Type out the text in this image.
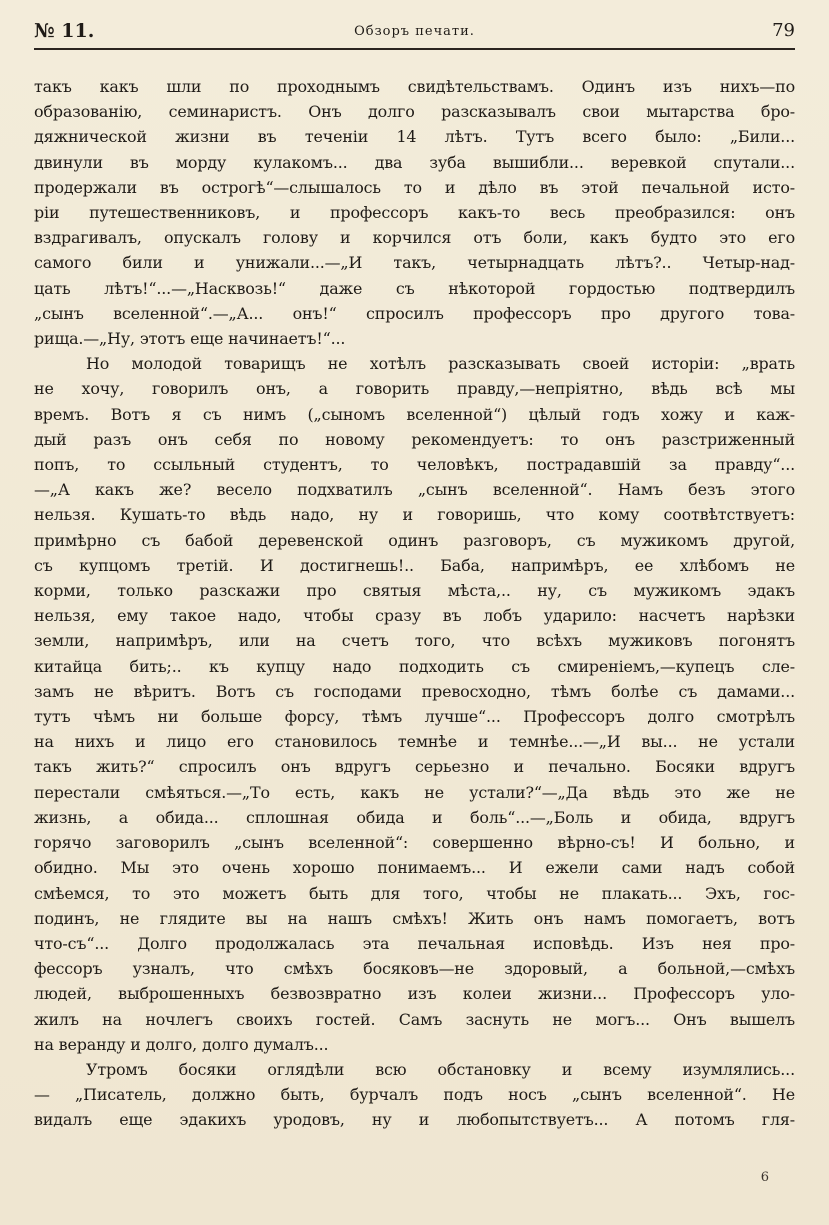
№ 11.	Обзоръ печати.	79
такъ какъ шли по проходнымъ свидѣтельствамъ. Одинъ изъ нихъ—по
образованію, семинаристъ. Онъ долго разсказывалъ свои мытарства бро-
дяжнической жизни въ теченіи 14 лѣтъ. Тутъ всего было: „Били...
двинули въ морду кулакомъ... два зуба вышибли... веревкой спутали...
продержали въ острогѣ“—слышалось то и дѣло въ этой печальной исто-
ріи путешественниковъ, и профессоръ какъ-то весь преобразился: онъ
вздрагивалъ, опускалъ голову и корчился отъ боли, какъ будто это его
самого били и унижали...—„И такъ, четырнадцать лѣтъ?.. Четыр-над-
цать лѣтъ!“...—„Насквозь!“ даже съ нѣкоторой гордостью подтвердилъ
„сынъ вселенной“.—„А... онъ!“ спросилъ профессоръ про другого това-
рища.—„Ну, этотъ еще начинаетъ!“...
Но молодой товарищъ не хотѣлъ разсказывать своей исторіи: „врать
не хочу, говорилъ онъ, а говорить правду,—непріятно, вѣдь всѣ мы
времъ. Вотъ я съ нимъ („сыномъ вселенной“) цѣлый годъ хожу и каж-
дый разъ онъ себя по новому рекомендуетъ: то онъ разстриженный
попъ, то ссыльный студентъ, то человѣкъ, пострадавшій за правду“...
—„А какъ же? весело подхватилъ „сынъ вселенной“. Намъ безъ этого
нельзя. Кушать-то вѣдь надо, ну и говоришь, что кому соотвѣтствуетъ:
примѣрно съ бабой деревенской одинъ разговоръ, съ мужикомъ другой,
съ купцомъ третій. И достигнешь!.. Баба, напримѣръ, ее хлѣбомъ не
корми, только разскажи про святыя мѣста,.. ну, съ мужикомъ эдакъ
нельзя, ему такое надо, чтобы сразу въ лобъ ударило: насчетъ нарѣзки
земли, напримѣръ, или на счетъ того, что всѣхъ мужиковъ погонятъ
китайца бить;.. къ купцу надо подходить съ смиреніемъ,—купецъ сле-
замъ не вѣритъ. Вотъ съ господами превосходно, тѣмъ болѣе съ дамами...
тутъ чѣмъ ни больше форсу, тѣмъ лучше“... Профессоръ долго смотрѣлъ
на нихъ и лицо его становилось темнѣе и темнѣе...—„И вы... не устали
такъ жить?“ спросилъ онъ вдругъ серьезно и печально. Босяки вдругъ
перестали смѣяться.—„То есть, какъ не устали?“—„Да вѣдь это же не
жизнь, а обида... сплошная обида и боль“...—„Боль и обида, вдругъ
горячо заговорилъ „сынъ вселенной“: совершенно вѣрно-съ! И больно, и
обидно. Мы это очень хорошо понимаемъ... И ежели сами надъ собой
смѣемся, то это можетъ быть для того, чтобы не плакать... Эхъ, гос-
подинъ, не глядите вы на нашъ смѣхъ! Жить онъ намъ помогаетъ, вотъ
что-съ“... Долго продолжалась эта печальная исповѣдь. Изъ нея про-
фессоръ узналъ, что смѣхъ босяковъ—не здоровый, а больной,—смѣхъ
людей, выброшенныхъ безвозвратно изъ колеи жизни... Профессоръ уло-
жилъ на ночлегъ своихъ гостей. Самъ заснуть не могъ... Онъ вышелъ
на веранду и долго, долго думалъ...
Утромъ босяки оглядѣли всю обстановку и всему изумлялись...
— „Писатель, должно быть, бурчалъ подъ носъ „сынъ вселенной“. Не
видалъ еще эдакихъ уродовъ, ну и любопытствуетъ... А потомъ гля-
6
